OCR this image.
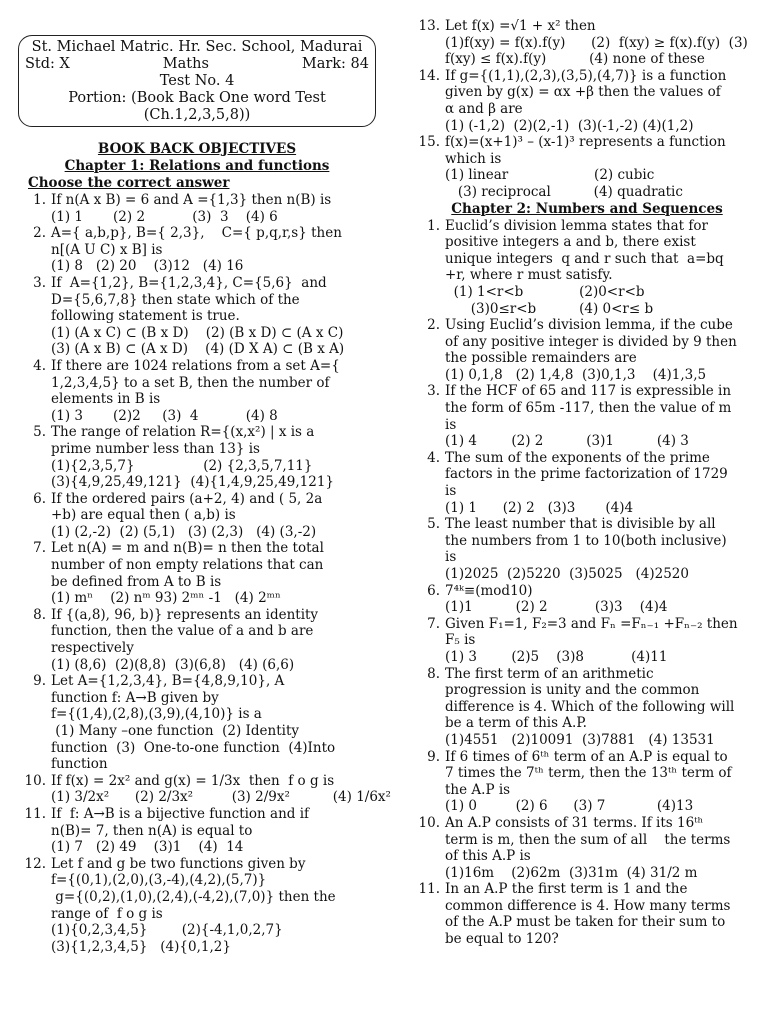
St. Michael Matric. Hr. Sec. School, Madurai
Std: X	Maths	Mark: 84
Test No. 4
Portion: (Book Back One word Test
(Ch.1,2,3,5,8))
BOOK BACK OBJECTIVES
Chapter 1: Relations and functions
Choose the correct answer
1. If n(A x B) = 6 and A ={1,3} then n(B) is
(1) 1       (2) 2           (3)  3    (4) 6
2. A={ a,b,p}, B={ 2,3},    C={ p,q,r,s} then
n[(A U C) x B] is
(1) 8   (2) 20    (3)12   (4) 16
3. If  A={1,2}, B={1,2,3,4}, C={5,6}  and
D={5,6,7,8} then state which of the
following statement is true.
(1) (A x C) ⊂ (B x D)    (2) (B x D) ⊂ (A x C)
(3) (A x B) ⊂ (A x D)    (4) (D X A) ⊂ (B x A)
4. If there are 1024 relations from a set A={
1,2,3,4,5} to a set B, then the number of
elements in B is
(1) 3       (2)2     (3)  4           (4) 8
5. The range of relation R={(x,x²) | x is a
prime number less than 13} is
(1){2,3,5,7}                (2) {2,3,5,7,11}
(3){4,9,25,49,121}  (4){1,4,9,25,49,121}
6. If the ordered pairs (a+2, 4) and ( 5, 2a
+b) are equal then ( a,b) is
(1) (2,-2)  (2) (5,1)   (3) (2,3)   (4) (3,-2)
7. Let n(A) = m and n(B)= n then the total
number of non empty relations that can
be defined from A to B is
(1) mⁿ    (2) nᵐ 93) 2ᵐⁿ -1   (4) 2ᵐⁿ
8. If {(a,8), 96, b)} represents an identity
function, then the value of a and b are
respectively
(1) (8,6)  (2)(8,8)  (3)(6,8)   (4) (6,6)
9. Let A={1,2,3,4}, B={4,8,9,10}, A
function f: A→B given by
f={(1,4),(2,8),(3,9),(4,10)} is a
(1) Many –one function  (2) Identity
function  (3)  One-to-one function  (4)Into
function
10. If f(x) = 2x² and g(x) = 1/3x  then  f o g is
(1) 3/2x²      (2) 2/3x²         (3) 2/9x²          (4) 1/6x²
11. If  f: A→B is a bijective function and if
n(B)= 7, then n(A) is equal to
(1) 7   (2) 49    (3)1    (4)  14
12. Let f and g be two functions given by
f={(0,1),(2,0),(3,-4),(4,2),(5,7)}
g={(0,2),(1,0),(2,4),(-4,2),(7,0)} then the
range of  f o g is
(1){0,2,3,4,5}        (2){-4,1,0,2,7}
(3){1,2,3,4,5}   (4){0,1,2}
13. Let f(x) =√1 + x² then
(1)f(xy) = f(x).f(y)      (2)  f(xy) ≥ f(x).f(y)  (3)
f(xy) ≤ f(x).f(y)          (4) none of these
14. If g={(1,1),(2,3),(3,5),(4,7)} is a function
given by g(x) = αx +β then the values of
α and β are
(1) (-1,2)  (2)(2,-1)  (3)(-1,-2) (4)(1,2)
15. f(x)=(x+1)³ – (x-1)³ represents a function
which is
(1) linear                    (2) cubic
(3) reciprocal          (4) quadratic
Chapter 2: Numbers and Sequences
1. Euclid’s division lemma states that for
positive integers a and b, there exist
unique integers  q and r such that  a=bq
+r, where r must satisfy.
(1) 1<r<b             (2)0<r<b
(3)0≤r<b          (4) 0<r≤ b
2. Using Euclid’s division lemma, if the cube
of any positive integer is divided by 9 then
the possible remainders are
(1) 0,1,8   (2) 1,4,8  (3)0,1,3    (4)1,3,5
3. If the HCF of 65 and 117 is expressible in
the form of 65m -117, then the value of m
is
(1) 4        (2) 2          (3)1          (4) 3
4. The sum of the exponents of the prime
factors in the prime factorization of 1729
is
(1) 1      (2) 2   (3)3       (4)4
5. The least number that is divisible by all
the numbers from 1 to 10(both inclusive)
is
(1)2025  (2)5220  (3)5025   (4)2520
6. 7⁴ᵏ≡(mod10)
(1)1          (2) 2           (3)3    (4)4
7. Given F₁=1, F₂=3 and Fₙ =Fₙ₋₁ +Fₙ₋₂ then
F₅ is
(1) 3        (2)5    (3)8           (4)11
8. The first term of an arithmetic
progression is unity and the common
difference is 4. Which of the following will
be a term of this A.P.
(1)4551   (2)10091  (3)7881   (4) 13531
9. If 6 times of 6ᵗʰ term of an A.P is equal to
7 times the 7ᵗʰ term, then the 13ᵗʰ term of
the A.P is
(1) 0         (2) 6      (3) 7            (4)13
10. An A.P consists of 31 terms. If its 16ᵗʰ
term is m, then the sum of all    the terms
of this A.P is
(1)16m    (2)62m  (3)31m  (4) 31/2 m
11. In an A.P the first term is 1 and the
common difference is 4. How many terms
of the A.P must be taken for their sum to
be equal to 120?
